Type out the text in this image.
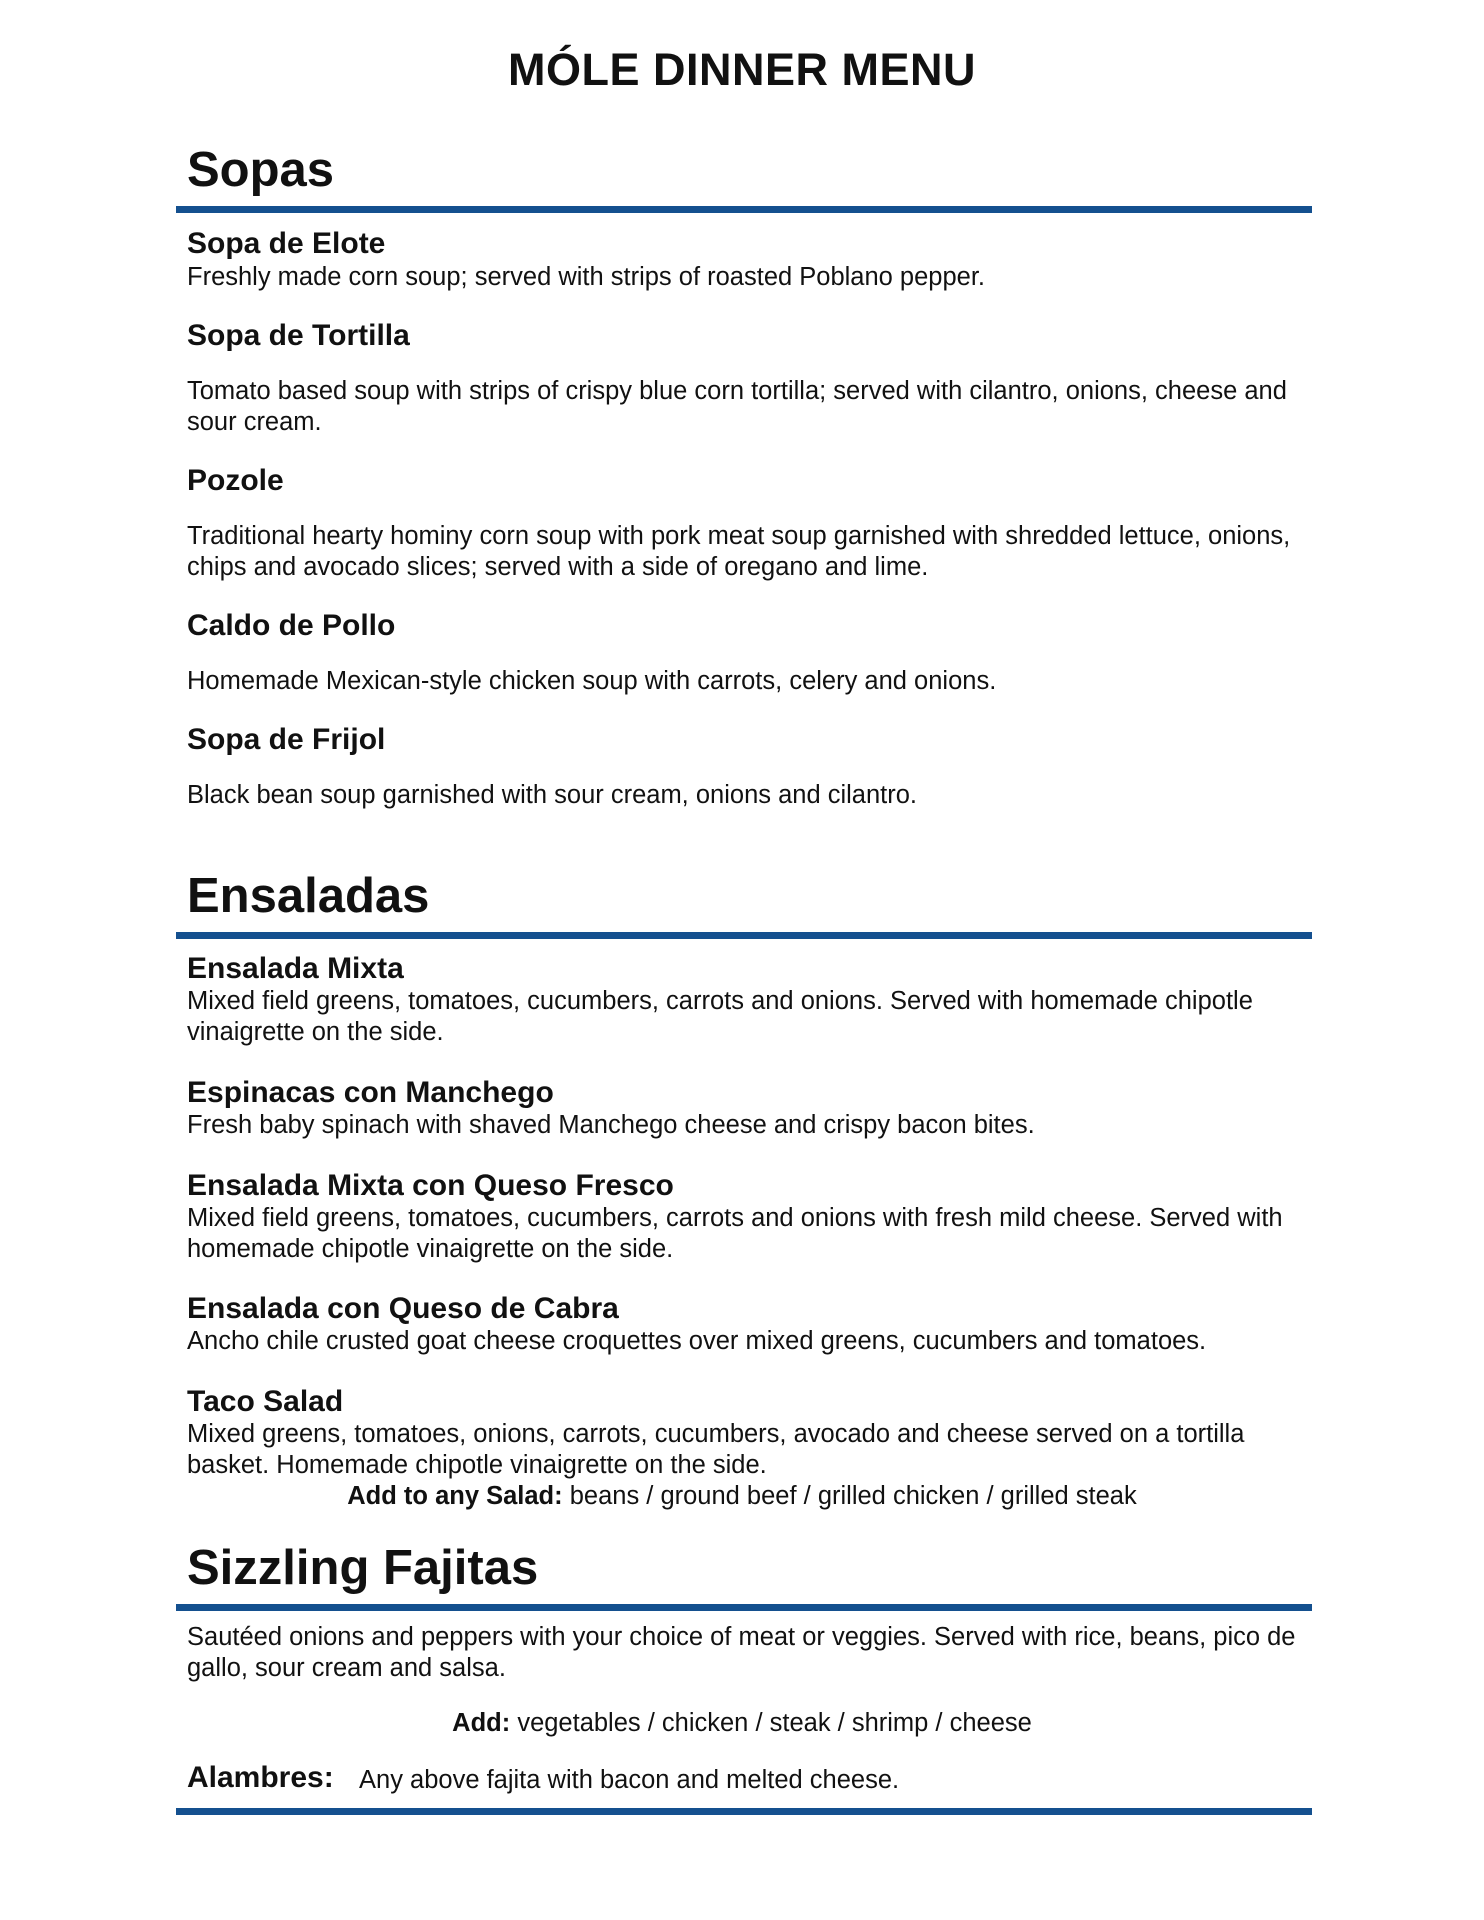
MÓLE DINNER MENU
Sopas
Sopa de Elote
Freshly made corn soup; served with strips of roasted Poblano pepper.
Sopa de Tortilla
Tomato based soup with strips of crispy blue corn tortilla; served with cilantro, onions, cheese and sour cream.
Pozole
Traditional hearty hominy corn soup with pork meat soup garnished with shredded lettuce, onions, chips and avocado slices; served with a side of oregano and lime.
Caldo de Pollo
Homemade Mexican-style chicken soup with carrots, celery and onions.
Sopa de Frijol
Black bean soup garnished with sour cream, onions and cilantro.
Ensaladas
Ensalada Mixta
Mixed field greens, tomatoes, cucumbers, carrots and onions. Served with homemade chipotle vinaigrette on the side.
Espinacas con Manchego
Fresh baby spinach with shaved Manchego cheese and crispy bacon bites.
Ensalada Mixta con Queso Fresco
Mixed field greens, tomatoes, cucumbers, carrots and onions with fresh mild cheese. Served with homemade chipotle vinaigrette on the side.
Ensalada con Queso de Cabra
Ancho chile crusted goat cheese croquettes over mixed greens, cucumbers and tomatoes.
Taco Salad
Mixed greens, tomatoes, onions, carrots, cucumbers, avocado and cheese served on a tortilla basket. Homemade chipotle vinaigrette on the side.
Add to any Salad: beans / ground beef / grilled chicken / grilled steak
Sizzling Fajitas
Sautéed onions and peppers with your choice of meat or veggies. Served with rice, beans, pico de gallo, sour cream and salsa.
Add: vegetables / chicken / steak / shrimp / cheese
Alambres: Any above fajita with bacon and melted cheese.
